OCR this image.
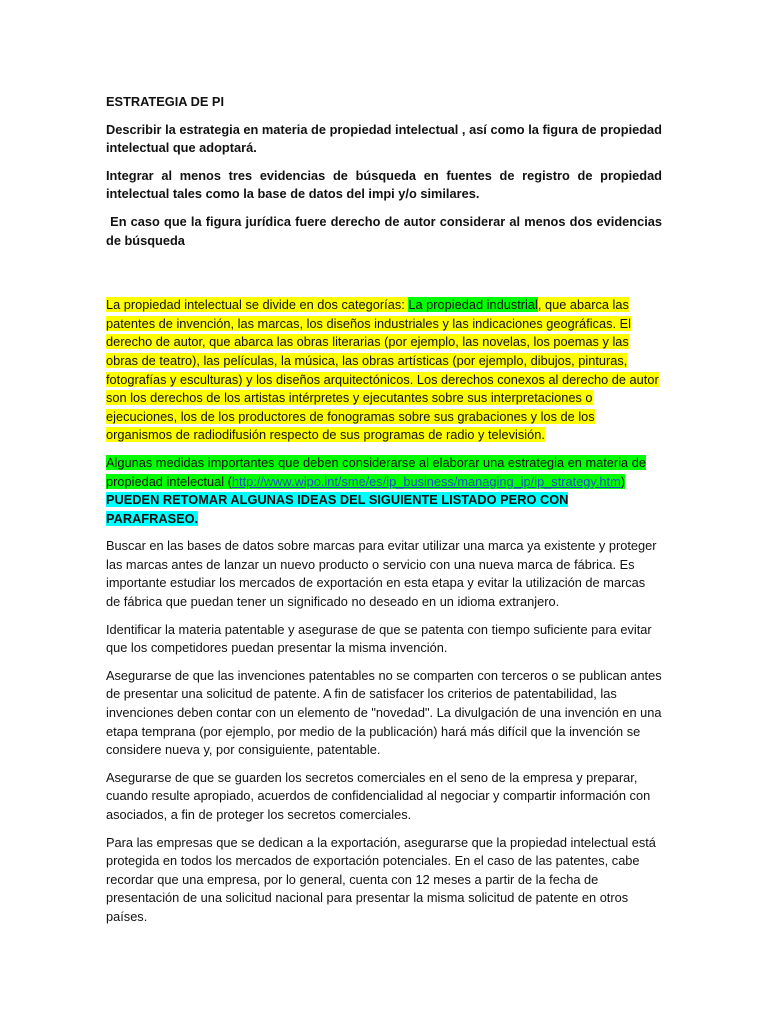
ESTRATEGIA DE PI

Describir la estrategia en materia de propiedad intelectual , así como la figura de propiedad intelectual que adoptará.

Integrar al menos tres evidencias de búsqueda en fuentes de registro de propiedad intelectual tales como la base de datos del impi y/o similares.

En caso que la figura jurídica fuere derecho de autor considerar al menos dos evidencias de búsqueda

La propiedad intelectual se divide en dos categorías: La propiedad industrial, que abarca las patentes de invención, las marcas, los diseños industriales y las indicaciones geográficas. El derecho de autor, que abarca las obras literarias (por ejemplo, las novelas, los poemas y las obras de teatro), las películas, la música, las obras artísticas (por ejemplo, dibujos, pinturas, fotografías y esculturas) y los diseños arquitectónicos. Los derechos conexos al derecho de autor son los derechos de los artistas intérpretes y ejecutantes sobre sus interpretaciones o ejecuciones, los de los productores de fonogramas sobre sus grabaciones y los de los organismos de radiodifusión respecto de sus programas de radio y televisión.

Algunas medidas importantes que deben considerarse al elaborar una estrategia en materia de propiedad intelectual (http://www.wipo.int/sme/es/ip_business/managing_ip/ip_strategy.htm)
PUEDEN RETOMAR ALGUNAS IDEAS DEL SIGUIENTE LISTADO PERO CON PARAFRASEO.

Buscar en las bases de datos sobre marcas para evitar utilizar una marca ya existente y proteger las marcas antes de lanzar un nuevo producto o servicio con una nueva marca de fábrica. Es importante estudiar los mercados de exportación en esta etapa y evitar la utilización de marcas de fábrica que puedan tener un significado no deseado en un idioma extranjero.

Identificar la materia patentable y asegurase de que se patenta con tiempo suficiente para evitar que los competidores puedan presentar la misma invención.

Asegurarse de que las invenciones patentables no se comparten con terceros o se publican antes de presentar una solicitud de patente. A fin de satisfacer los criterios de patentabilidad, las invenciones deben contar con un elemento de "novedad". La divulgación de una invención en una etapa temprana (por ejemplo, por medio de la publicación) hará más difícil que la invención se considere nueva y, por consiguiente, patentable.

Asegurarse de que se guarden los secretos comerciales en el seno de la empresa y preparar, cuando resulte apropiado, acuerdos de confidencialidad al negociar y compartir información con asociados, a fin de proteger los secretos comerciales.

Para las empresas que se dedican a la exportación, asegurarse que la propiedad intelectual está protegida en todos los mercados de exportación potenciales. En el caso de las patentes, cabe recordar que una empresa, por lo general, cuenta con 12 meses a partir de la fecha de presentación de una solicitud nacional para presentar la misma solicitud de patente en otros países.
